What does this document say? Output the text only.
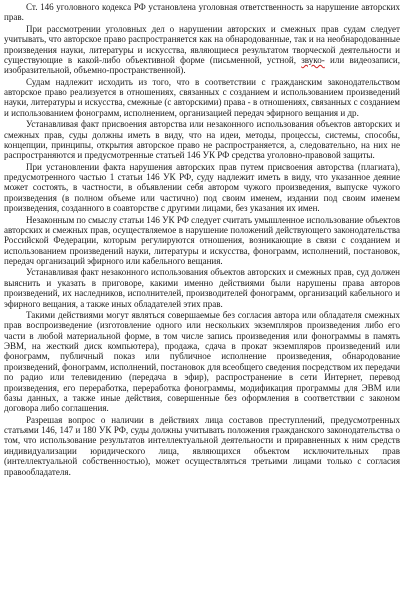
Ст. 146 уголовного кодекса РФ установлена уголовная ответственность за нарушение авторских прав.

При рассмотрении уголовных дел о нарушении авторских и смежных прав судам следует учитывать, что авторское право распространяется как на обнародованные, так и на необнародованные произведения науки, литературы и искусства, являющиеся результатом творческой деятельности и существующие в какой-либо объективной форме (письменной, устной, звуко- или видеозаписи, изобразительной, объемно-пространственной).

Судам надлежит исходить из того, что в соответствии с гражданским законодательством авторское право реализуется в отношениях, связанных с созданием и использованием произведений науки, литературы и искусства, смежные (с авторскими) права - в отношениях, связанных с созданием и использованием фонограмм, исполнением, организацией передач эфирного вещания и др.

Устанавливая факт присвоения авторства или незаконного использования объектов авторских и смежных прав, суды должны иметь в виду, что на идеи, методы, процессы, системы, способы, концепции, принципы, открытия авторское право не распространяется, а, следовательно, на них не распространяются и предусмотренные статьей 146 УК РФ средства уголовно-правовой защиты.

При установлении факта нарушения авторских прав путем присвоения авторства (плагиата), предусмотренного частью 1 статьи 146 УК РФ, суду надлежит иметь в виду, что указанное деяние может состоять, в частности, в объявлении себя автором чужого произведения, выпуске чужого произведения (в полном объеме или частично) под своим именем, издании под своим именем произведения, созданного в соавторстве с другими лицами, без указания их имен.

Незаконным по смыслу статьи 146 УК РФ следует считать умышленное использование объектов авторских и смежных прав, осуществляемое в нарушение положений действующего законодательства Российской Федерации, которым регулируются отношения, возникающие в связи с созданием и использованием произведений науки, литературы и искусства, фонограмм, исполнений, постановок, передач организаций эфирного или кабельного вещания.

Устанавливая факт незаконного использования объектов авторских и смежных прав, суд должен выяснить и указать в приговоре, какими именно действиями были нарушены права авторов произведений, их наследников, исполнителей, производителей фонограмм, организаций кабельного и эфирного вещания, а также иных обладателей этих прав.

Такими действиями могут являться совершаемые без согласия автора или обладателя смежных прав воспроизведение (изготовление одного или нескольких экземпляров произведения либо его части в любой материальной форме, в том числе запись произведения или фонограммы в память ЭВМ, на жесткий диск компьютера), продажа, сдача в прокат экземпляров произведений или фонограмм, публичный показ или публичное исполнение произведения, обнародование произведений, фонограмм, исполнений, постановок для всеобщего сведения посредством их передачи по радио или телевидению (передача в эфир), распространение в сети Интернет, перевод произведения, его переработка, переработка фонограммы, модификация программы для ЭВМ или базы данных, а также иные действия, совершенные без оформления в соответствии с законом договора либо соглашения.

Разрешая вопрос о наличии в действиях лица составов преступлений, предусмотренных статьями 146, 147 и 180 УК РФ, суды должны учитывать положения гражданского законодательства о том, что использование результатов интеллектуальной деятельности и приравненных к ним средств индивидуализации юридического лица, являющихся объектом исключительных прав (интеллектуальной собственностью), может осуществляться третьими лицами только с согласия правообладателя.
